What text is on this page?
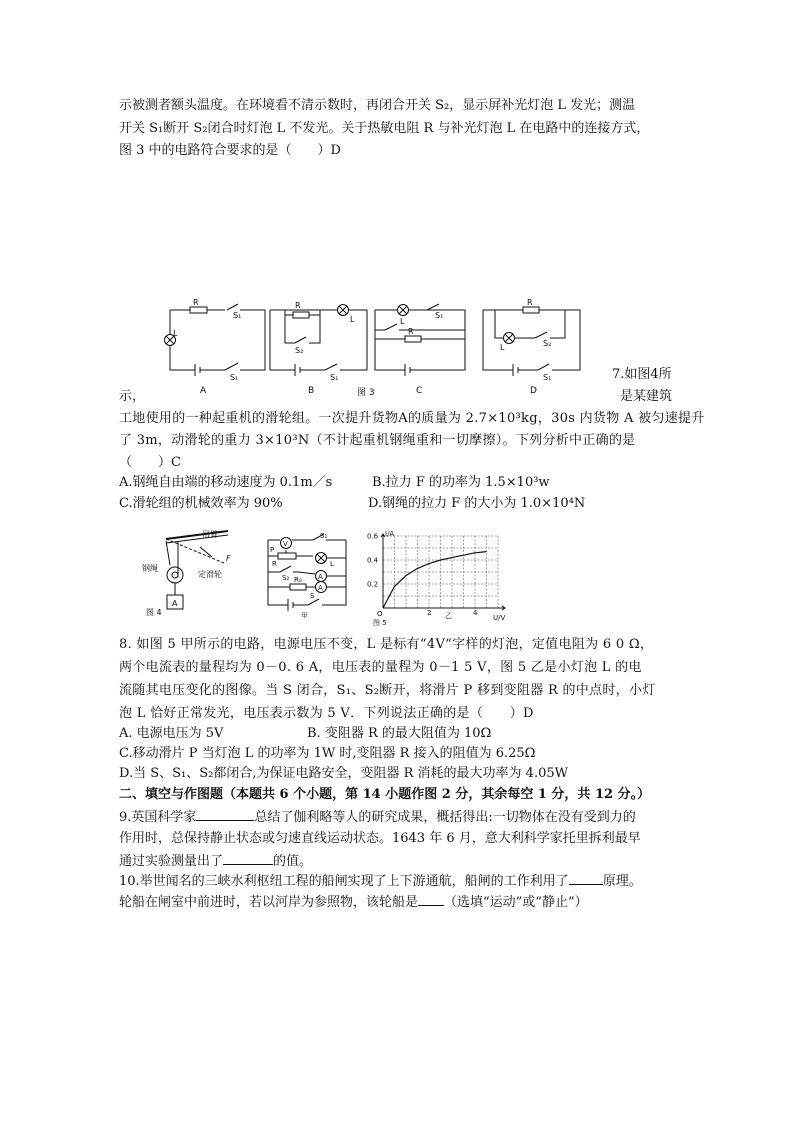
示被测者额头温度。在环境看不清示数时，再闭合开关 S₂，显示屏补光灯泡 L 发光；测温
开关 S₁断开 S₂闭合时灯泡 L 不发光。关于热敏电阻 R 与补光灯泡 L 在电路中的连接方式，
图 3 中的电路符合要求的是（　　）D
L
R
S₁
S₁
R
S₂
L
S₁
L
S₁
R
R
L	S₂
S₁
A	B	C	D
图 3
7.如图4所
示，	是某建筑
工地使用的一种起重机的滑轮组。一次提升货物A的质量为 2.7×10³kg，30s 内货物 A 被匀速提升
了 3m，动滑轮的重力 3×10³N（不计起重机钢绳重和一切摩擦）。下列分析中正确的是
（　　）C
A.钢绳自由端的移动速度为 0.1m／s	B.拉力 F 的功率为 1.5×10³w
C.滑轮组的机械效率为 90%	D.钢绳的拉力 F 的大小为 1.0×10⁴N
吊臂
钢绳
定滑轮
F
A
图 4
V
P
R
S₁
L
A
A
S₂ R₀
S
甲
I/A
U/V
0.6
0.4
0.2
2	4
O	乙
图 5
8. 如图 5 甲所示的电路，电源电压不变，L 是标有“4V“字样的灯泡，定值电阻为 6 0 Ω，
两个电流表的量程均为 0－0. 6 A，电压表的量程为 0－1 5 V，图 5 乙是小灯泡 L 的电
流随其电压变化的图像。当 S 闭合，S₁、S₂断开，将滑片 P 移到变阻器 R 的中点时，小灯
泡 L 恰好正常发光，电压表示数为 5 V．下列说法正确的是（　　）D
A. 电源电压为 5V	B. 变阻器 R 的最大阻值为 10Ω
C.移动滑片 P 当灯泡 L 的功率为 1W 时,变阻器 R 接入的阻值为 6.25Ω
D.当 S、S₁、S₂都闭合,为保证电路安全，变阻器 R 消耗的最大功率为 4.05W
二、填空与作图题（本题共 6 个小题，第 14 小题作图 2 分，其余每空 1 分，共 12 分。）
9.英国科学家	总结了伽利略等人的研究成果，概括得出:一切物体在没有受到力的
作用时，总保持静止状态或匀速直线运动状态。1643 年 6 月，意大利科学家托里拆利最早
通过实验测量出了	的值。
10.举世闻名的三峡水利枢纽工程的船闸实现了上下游通航，船闸的工作利用了	原理。
轮船在闸室中前进时，若以河岸为参照物，该轮船是 （选填“运动”或“静止”）
